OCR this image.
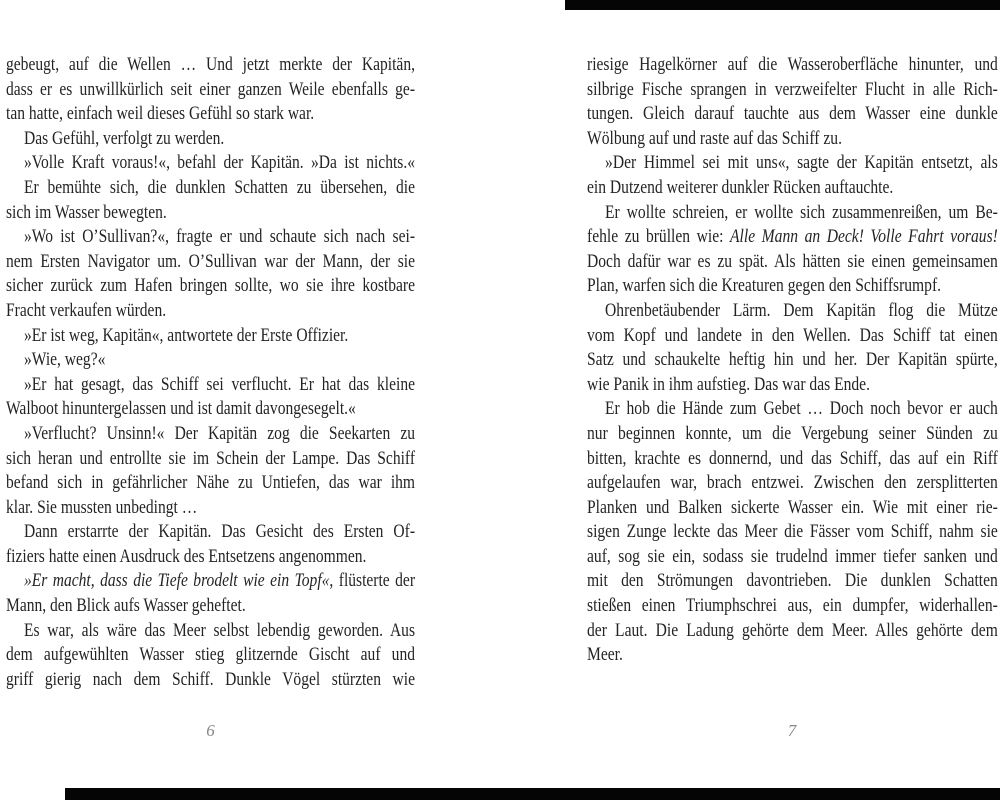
gebeugt, auf die Wellen … Und jetzt merkte der Kapitän,
dass er es unwillkürlich seit einer ganzen Weile ebenfalls ge-
tan hatte, einfach weil dieses Gefühl so stark war.
Das Gefühl, verfolgt zu werden.
»Volle Kraft voraus!«, befahl der Kapitän. »Da ist nichts.«
Er bemühte sich, die dunklen Schatten zu übersehen, die
sich im Wasser bewegten.
»Wo ist O’Sullivan?«, fragte er und schaute sich nach sei-
nem Ersten Navigator um. O’Sullivan war der Mann, der sie
sicher zurück zum Hafen bringen sollte, wo sie ihre kostbare
Fracht verkaufen würden.
»Er ist weg, Kapitän«, antwortete der Erste Offizier.
»Wie, weg?«
»Er hat gesagt, das Schiff sei verflucht. Er hat das kleine
Walboot hinuntergelassen und ist damit davongesegelt.«
»Verflucht? Unsinn!« Der Kapitän zog die Seekarten zu
sich heran und entrollte sie im Schein der Lampe. Das Schiff
befand sich in gefährlicher Nähe zu Untiefen, das war ihm
klar. Sie mussten unbedingt …
Dann erstarrte der Kapitän. Das Gesicht des Ersten Of-
fiziers hatte einen Ausdruck des Entsetzens angenommen.
»Er macht, dass die Tiefe brodelt wie ein Topf«, flüsterte der
Mann, den Blick aufs Wasser geheftet.
Es war, als wäre das Meer selbst lebendig geworden. Aus
dem aufgewühlten Wasser stieg glitzernde Gischt auf und
griff gierig nach dem Schiff. Dunkle Vögel stürzten wie
riesige Hagelkörner auf die Wasseroberfläche hinunter, und
silbrige Fische sprangen in verzweifelter Flucht in alle Rich-
tungen. Gleich darauf tauchte aus dem Wasser eine dunkle
Wölbung auf und raste auf das Schiff zu.
»Der Himmel sei mit uns«, sagte der Kapitän entsetzt, als
ein Dutzend weiterer dunkler Rücken auftauchte.
Er wollte schreien, er wollte sich zusammenreißen, um Be-
fehle zu brüllen wie: Alle Mann an Deck! Volle Fahrt voraus!
Doch dafür war es zu spät. Als hätten sie einen gemeinsamen
Plan, warfen sich die Kreaturen gegen den Schiffsrumpf.
Ohrenbetäubender Lärm. Dem Kapitän flog die Mütze
vom Kopf und landete in den Wellen. Das Schiff tat einen
Satz und schaukelte heftig hin und her. Der Kapitän spürte,
wie Panik in ihm aufstieg. Das war das Ende.
Er hob die Hände zum Gebet … Doch noch bevor er auch
nur beginnen konnte, um die Vergebung seiner Sünden zu
bitten, krachte es donnernd, und das Schiff, das auf ein Riff
aufgelaufen war, brach entzwei. Zwischen den zersplitterten
Planken und Balken sickerte Wasser ein. Wie mit einer rie-
sigen Zunge leckte das Meer die Fässer vom Schiff, nahm sie
auf, sog sie ein, sodass sie trudelnd immer tiefer sanken und
mit den Strömungen davontrieben. Die dunklen Schatten
stießen einen Triumphschrei aus, ein dumpfer, widerhallen-
der Laut. Die Ladung gehörte dem Meer. Alles gehörte dem
Meer.
6	7
